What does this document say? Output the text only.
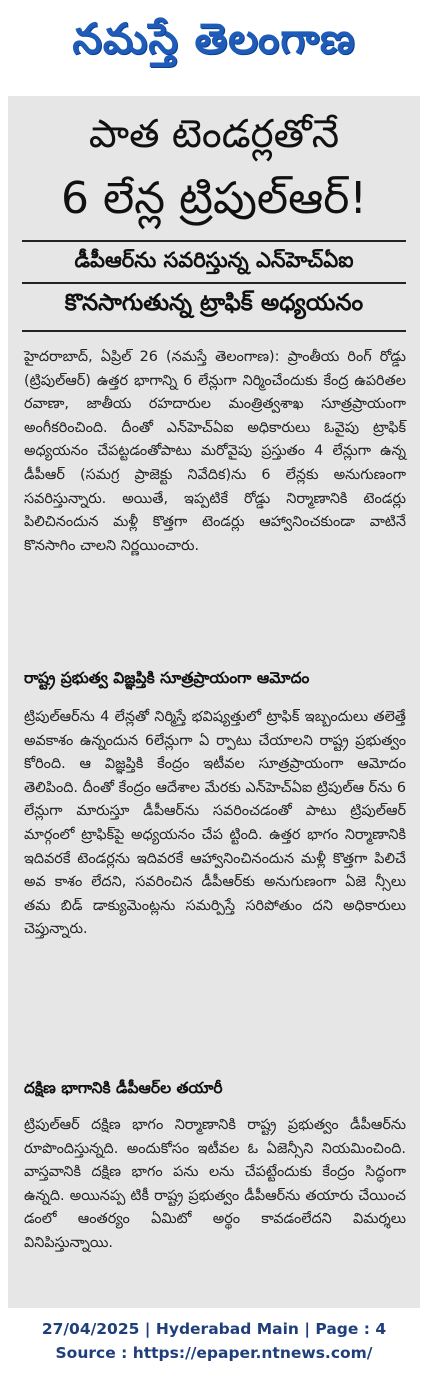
నమస్తే తెలంగాణ
పాత టెండర్లతోనే
6 లేన్ల ట్రిపుల్‌ఆర్!
డీపీఆర్‌ను సవరిస్తున్న ఎన్‌హెచ్‌ఏఐ
కొనసాగుతున్న ట్రాఫిక్ అధ్యయనం

హైదరాబాద్, ఏప్రిల్ 26 (నమస్తే తెలంగాణ): ప్రాంతీయ రింగ్ రోడ్డు (ట్రిపుల్‌ఆర్) ఉత్తర భాగాన్ని 6 లేన్లుగా నిర్మించేందుకు కేంద్ర ఉపరితల రవాణా, జాతీయ రహదారుల మంత్రిత్వశాఖ సూత్రప్రాయంగా అంగీకరించింది. దీంతో ఎన్‌హెచ్‌ఏఐ అధికారులు ఓవైపు ట్రాఫిక్ అధ్యయనం చేపట్టడంతోపాటు మరోవైపు ప్రస్తుతం 4 లేన్లుగా ఉన్న డీపీఆర్ (సమగ్ర ప్రాజెక్టు నివేదిక)ను 6 లేన్లకు అనుగుణంగా సవరిస్తున్నారు. అయితే, ఇప్పటికే రోడ్డు నిర్మాణానికి టెండర్లు పిలిచినందున మళ్లీ కొత్తగా టెండర్లు ఆహ్వానించకుండా వాటినే కొనసాగిం చాలని నిర్ణయించారు.

రాష్ట్ర ప్రభుత్వ విజ్ఞప్తికి సూత్రప్రాయంగా ఆమోదం

ట్రిపుల్‌ఆర్‌ను 4 లేన్లతో నిర్మిస్తే భవిష్యత్తులో ట్రాఫిక్ ఇబ్బందులు తలెత్తే అవకాశం ఉన్నందున 6లేన్లుగా ఏ ర్పాటు చేయాలని రాష్ట్ర ప్రభుత్వం కోరింది. ఆ విజ్ఞప్తికి కేంద్రం ఇటీవల సూత్రప్రాయంగా ఆమోదం తెలిపింది. దీంతో కేంద్రం ఆదేశాల మేరకు ఎన్‌హెచ్‌ఏఐ ట్రిపుల్‌ఆ ర్‌ను 6 లేన్లుగా మారుస్తూ డీపీఆర్‌ను సవరించడంతో పాటు ట్రిపుల్‌ఆర్ మార్గంలో ట్రాఫిక్‌పై అధ్యయనం చేప ట్టింది. ఉత్తర భాగం నిర్మాణానికి ఇదివరకే టెండర్లను ఇదివరకే ఆహ్వానించినందున మళ్లీ కొత్తగా పిలిచే అవ కాశం లేదని, సవరించిన డీపీఆర్‌కు అనుగుణంగా ఏజె న్సీలు తమ బిడ్ డాక్యుమెంట్లను సమర్పిస్తే సరిపోతుం దని అధికారులు చెప్తున్నారు.

దక్షిణ భాగానికి డీపీఆర్‌ల తయారీ

ట్రిపుల్‌ఆర్ దక్షిణ భాగం నిర్మాణానికి రాష్ట్ర ప్రభుత్వం డీపీఆర్‌ను రూపొందిస్తున్నది. అందుకోసం ఇటీవల ఓ ఏజెన్సీని నియమించింది. వాస్తవానికి దక్షిణ భాగం పను లను చేపట్టేందుకు కేంద్రం సిద్ధంగా ఉన్నది. అయినప్ప టికీ రాష్ట్ర ప్రభుత్వం డీపీఆర్‌ను తయారు చేయించ డంలో ఆంతర్యం ఏమిటో అర్థం కావడంలేదని విమర్శలు వినిపిస్తున్నాయి.

27/04/2025 | Hyderabad Main | Page : 4
Source : https://epaper.ntnews.com/
